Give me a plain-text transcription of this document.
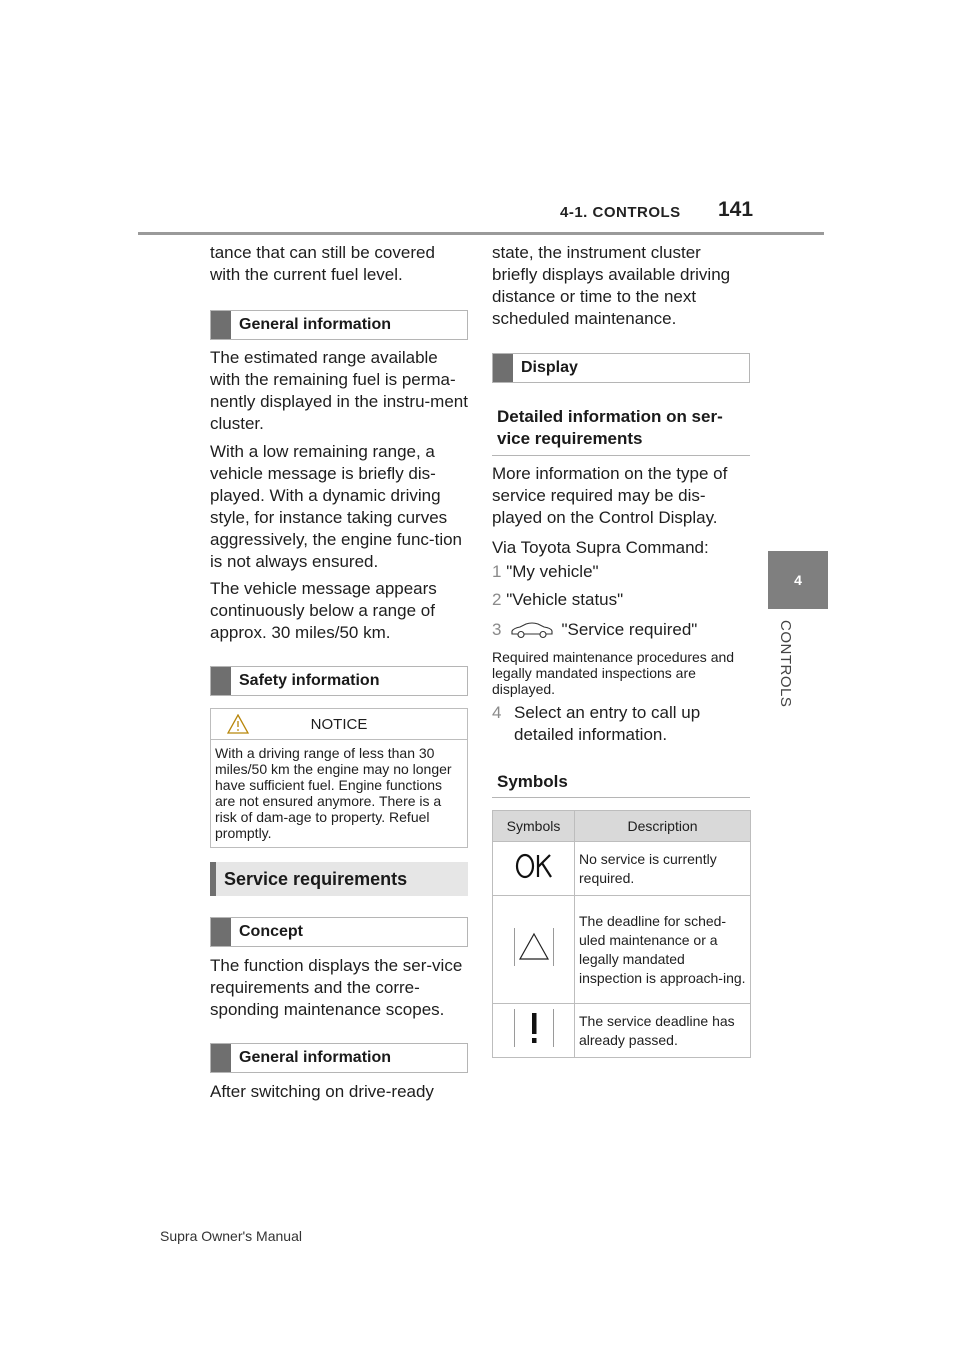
4-1. CONTROLS 141
4
CONTROLS

tance that can still be covered with the current fuel level.

General information

The estimated range available with the remaining fuel is perma-nently displayed in the instru-ment cluster.

With a low remaining range, a vehicle message is briefly dis-played. With a dynamic driving style, for instance taking curves aggressively, the engine func-tion is not always ensured.

The vehicle message appears continuously below a range of approx. 30 miles/50 km.

Safety information
NOTICE

With a driving range of less than 30 miles/50 km the engine may no longer have sufficient fuel. Engine functions are not ensured anymore. There is a risk of dam-age to property. Refuel promptly.

Service requirements
Concept

The function displays the ser-vice requirements and the corre-sponding maintenance scopes.

General information

After switching on drive-ready

state, the instrument cluster briefly displays available driving distance or time to the next scheduled maintenance.

Display

Detailed information on ser-vice requirements

More information on the type of service required may be dis-played on the Control Display.

Via Toyota Supra Command:

1 "My vehicle"
2 "Vehicle status"
3	"Service required"

Required maintenance procedures and legally mandated inspections are displayed.

4 Select an entry to call up detailed information.

Symbols

Symbols	Description
	No service is currently required.
	The deadline for sched-uled maintenance or a legally mandated inspection is approach-ing.
	The service deadline has already passed.
Supra Owner's Manual
